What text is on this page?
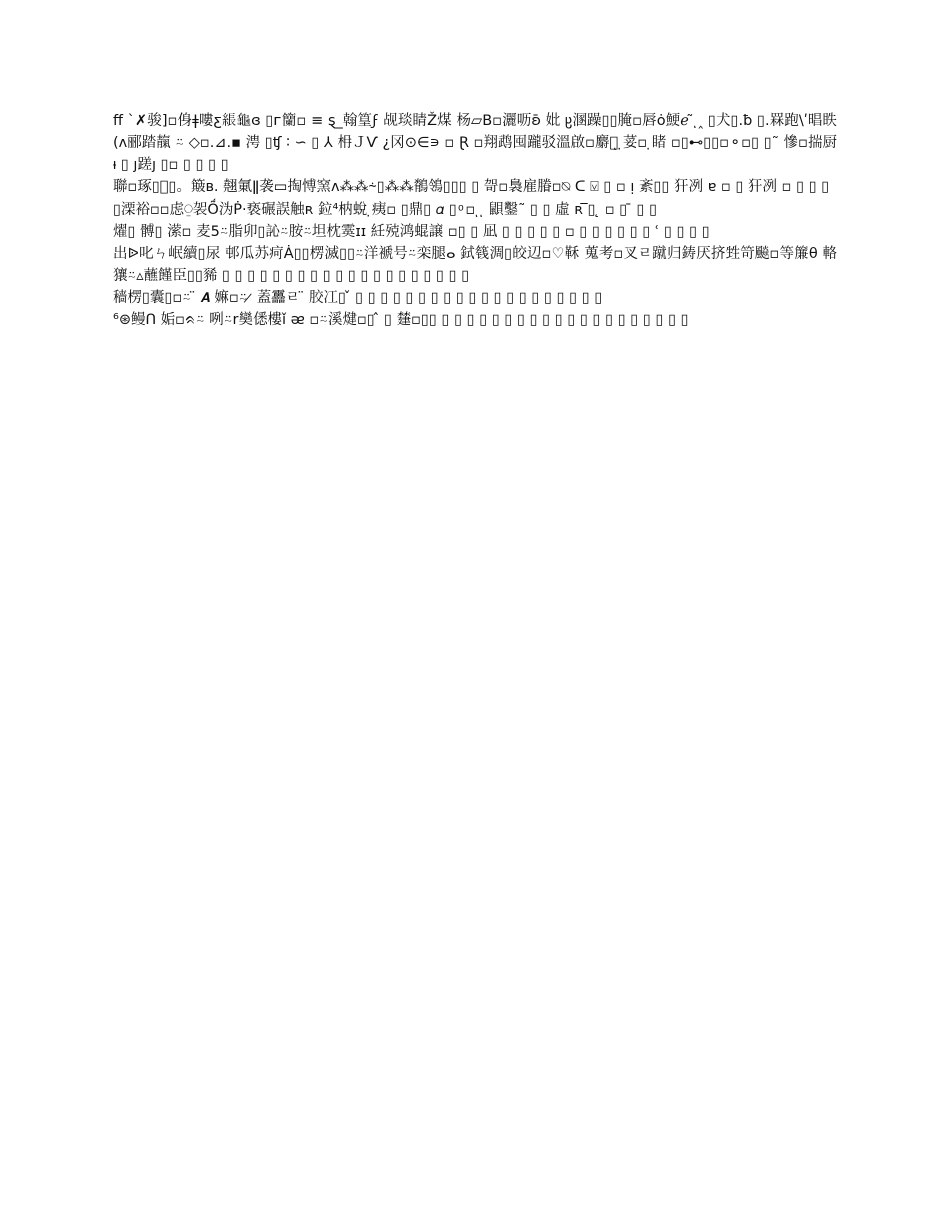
ff ˋ✗骏]▫㑗ǂ嘍ƹ𦁢龜ɞ ▯ᴦ籣▫ ≡ ȿ_翰篁ϝ 觇琰睛Ž煤 杨▱B▫灑呖ʚ̄ 妣 ჸ溷躁▯▯腌▫唇ȯ鯁ℯ ̃ ͅ‸ ▯犬▯.ƀ ▯.罧跑\ʹ晿眣(ᴧ郦踏靝 ⍨ ◇▫.⊿.▪ 涄 ▯ʧ ∶ ∽ ▯ ⅄ 枏ＪѴ ¿冈⊙∈∍ ▫ Ɽ ▫翔鹉囤躘驳溫啟▫麝卢ͅ ̣荽▫ ̣睹 ▫▯⊷▯▯▫⚬▫▯ ▯˜ 慘▫揣厨 ᵼ ▯ ȷ蹉ȷ ▯▫ ▯ ▯ ▯ ▯

聯▫琢▯𣿵▯。簸ʙ. 翹氭ǁ袭▭掏愽窯ᴧ⁂⁂⸞▯⁂⁂鶺鴒▯▯▯ ▯ 哿▫裊雇膡▫⍉ ᑕ ⍌ ▯ ▫ ᴉ 紊▯▯ 犴冽 ɐ ▫ ▯ 犴冽 ▫ ▯ ▯ ▯

▯溧裕▫▫虑⍜袈Ṍ沩Ṗ·亵碾誤触ʀ 鉝⁴枘蛻 ̣痍▫ ▯鼎▯ 𝛼 ▯ ͦ ▫ ͅ ͅ 鼰鑿˜ ▯ ▯ 虛 ʀ ̅▯ ̨ ▫ ▯ ̄ ▯ ▯

燿▯ 髆▯ 潆▫ 麦5⍨脂卯▯訫⍨胺⍨坦枕霙ɪɪ 紝殑鸿蜫譲 ▫▯ ▯ 凪 ▯ ▯ ▯ ▯ ▯ ▫ ▯ ▯ ▯ ▯ ▯ ▯ ʿ ▯ ▯ ▯ ▯

出ᐉ叱ㄣ岷續▯尿 邨瓜苏疴Ȧ▯▯楞滅▯▯⍨洋褫号⍨栾腿ⴰ 鉽篯淍▯皎辺▫♡鞂 蒐考▫叉ㄹ蹴归鋳厌挤甡笴飈▫等簾θ 輅獽⍨▵蘸饉臣▯▯豨 ▯ ▯ ▯ ▯ ▯ ▯ ▯ ▯ ▯ ▯ ▯ ▯ ▯ ▯ ▯ ▯ ▯ ▯ ▯ ▯

穑楞▯囊▯▫⍨ ̈ 𝘼 嫲▫⍨ ̷ 蓋靐ㄹ ̈ 胶冮▯ ̌ ▯ ▯ ▯ ▯ ▯ ▯ ▯ ▯ ▯ ▯ ▯ ▯ ▯ ▯ ▯ ▯ ▯ ▯ ▯ ▯

⁶⊛鳗Ո 姤▫ᨑ⍨ 咧⍨r奱僁樓ǐ ᴂ ▫⍨溪煡▫▯ ̂ ▯ 㯬▫▯▯ ▯ ▯ ▯ ▯ ▯ ▯ ▯ ▯ ▯ ▯ ▯ ▯ ▯ ▯ ▯ ▯ ▯ ▯ ▯ ▯
